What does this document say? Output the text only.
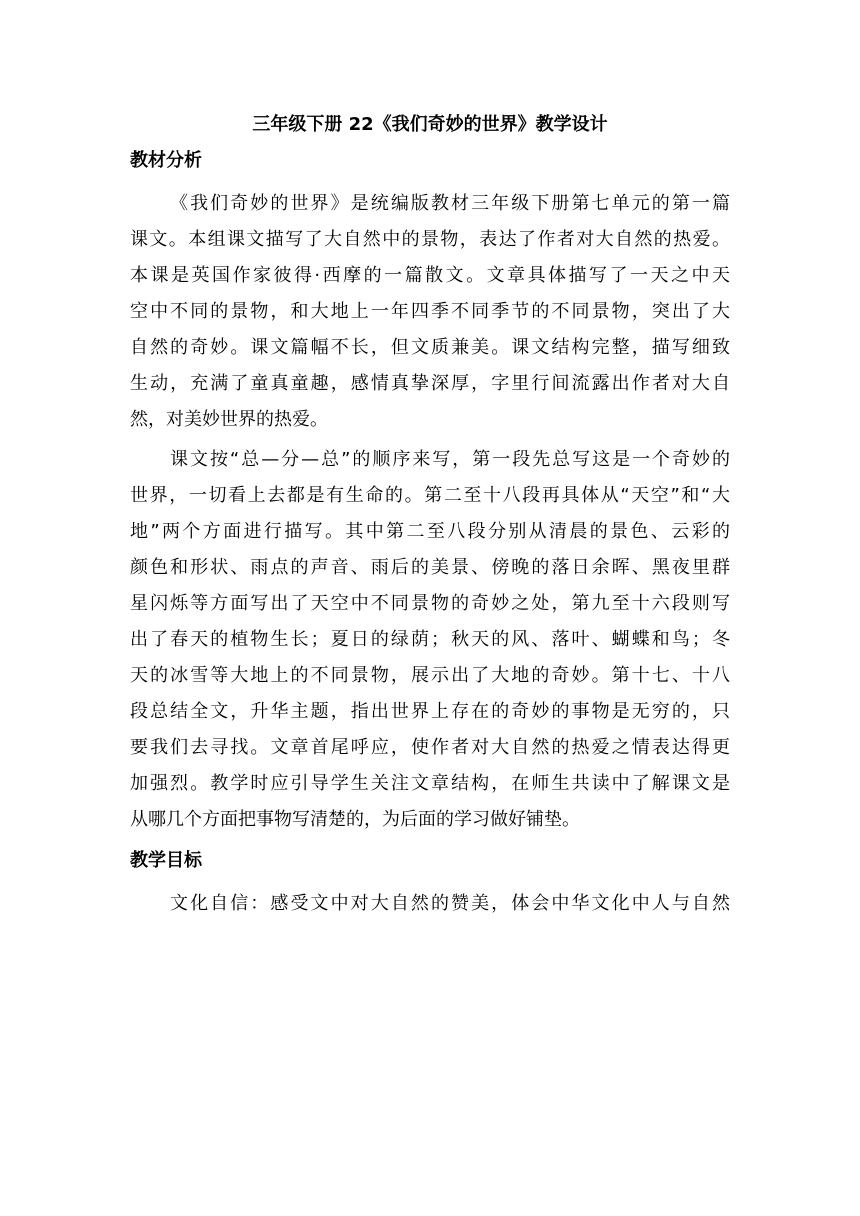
三年级下册 22《我们奇妙的世界》教学设计
教材分析

《我们奇妙的世界》是统编版教材三年级下册第七单元的第一篇
课文。本组课文描写了大自然中的景物，表达了作者对大自然的热爱。
本课是英国作家彼得·西摩的一篇散文。文章具体描写了一天之中天
空中不同的景物，和大地上一年四季不同季节的不同景物，突出了大
自然的奇妙。课文篇幅不长，但文质兼美。课文结构完整，描写细致
生动，充满了童真童趣，感情真挚深厚，字里行间流露出作者对大自
然，对美妙世界的热爱。

课文按“总—分—总”的顺序来写，第一段先总写这是一个奇妙的
世界，一切看上去都是有生命的。第二至十八段再具体从“天空”和“大
地”两个方面进行描写。其中第二至八段分别从清晨的景色、云彩的
颜色和形状、雨点的声音、雨后的美景、傍晚的落日余晖、黑夜里群
星闪烁等方面写出了天空中不同景物的奇妙之处，第九至十六段则写
出了春天的植物生长；夏日的绿荫；秋天的风、落叶、蝴蝶和鸟；冬
天的冰雪等大地上的不同景物，展示出了大地的奇妙。第十七、十八
段总结全文，升华主题，指出世界上存在的奇妙的事物是无穷的，只
要我们去寻找。文章首尾呼应，使作者对大自然的热爱之情表达得更
加强烈。教学时应引导学生关注文章结构，在师生共读中了解课文是
从哪几个方面把事物写清楚的，为后面的学习做好铺垫。

教学目标

文化自信：感受文中对大自然的赞美，体会中华文化中人与自然
